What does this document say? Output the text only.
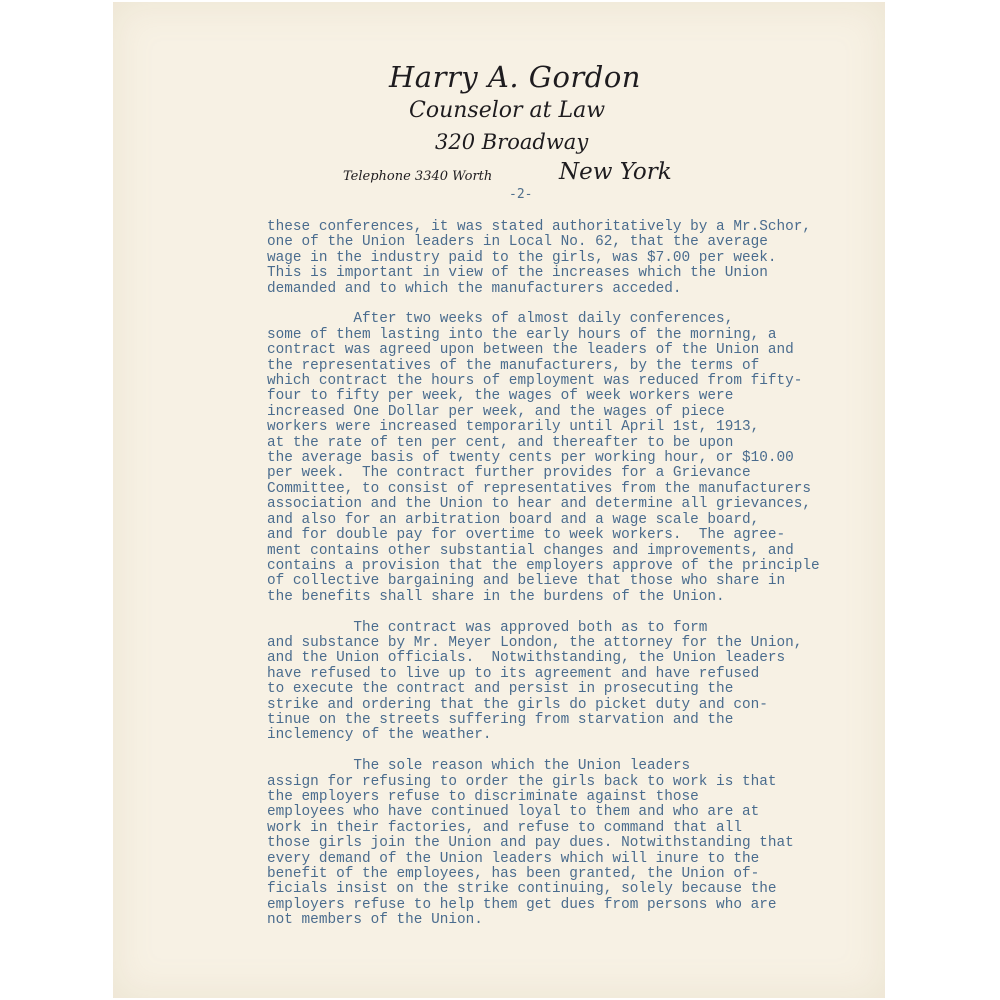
Harry A. Gordon
Counselor at Law
320 Broadway
Telephone 3340 Worth	New York
-2-

these conferences, it was stated authoritatively by a Mr.Schor,
one of the Union leaders in Local No. 62, that the average
wage in the industry paid to the girls, was $7.00 per week.
This is important in view of the increases which the Union
demanded and to which the manufacturers acceded.

After two weeks of almost daily conferences,
some of them lasting into the early hours of the morning, a
contract was agreed upon between the leaders of the Union and
the representatives of the manufacturers, by the terms of
which contract the hours of employment was reduced from fifty-
four to fifty per week, the wages of week workers were
increased One Dollar per week, and the wages of piece
workers were increased temporarily until April 1st, 1913,
at the rate of ten per cent, and thereafter to be upon
the average basis of twenty cents per working hour, or $10.00
per week.  The contract further provides for a Grievance
Committee, to consist of representatives from the manufacturers
association and the Union to hear and determine all grievances,
and also for an arbitration board and a wage scale board,
and for double pay for overtime to week workers.  The agree-
ment contains other substantial changes and improvements, and
contains a provision that the employers approve of the principle
of collective bargaining and believe that those who share in
the benefits shall share in the burdens of the Union.

The contract was approved both as to form
and substance by Mr. Meyer London, the attorney for the Union,
and the Union officials.  Notwithstanding, the Union leaders
have refused to live up to its agreement and have refused
to execute the contract and persist in prosecuting the
strike and ordering that the girls do picket duty and con-
tinue on the streets suffering from starvation and the
inclemency of the weather.

The sole reason which the Union leaders
assign for refusing to order the girls back to work is that
the employers refuse to discriminate against those
employees who have continued loyal to them and who are at
work in their factories, and refuse to command that all
those girls join the Union and pay dues. Notwithstanding that
every demand of the Union leaders which will inure to the
benefit of the employees, has been granted, the Union of-
ficials insist on the strike continuing, solely because the
employers refuse to help them get dues from persons who are
not members of the Union.
